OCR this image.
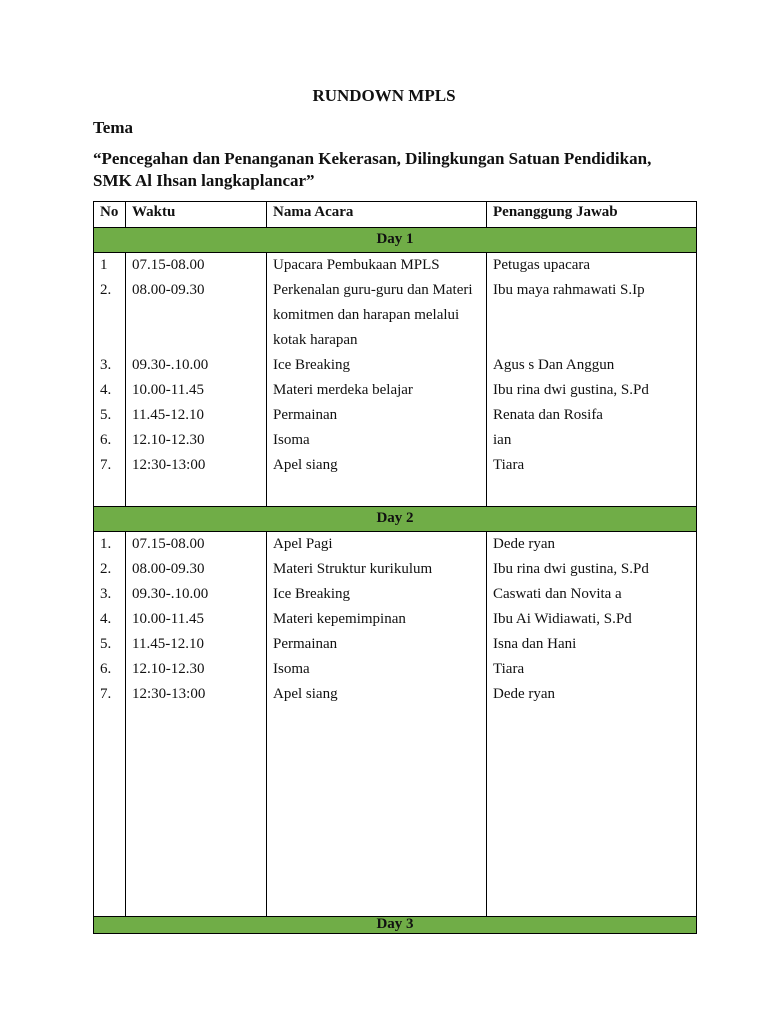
RUNDOWN MPLS
Tema
“Pencegahan dan Penanganan Kekerasan, Dilingkungan Satuan Pendidikan, SMK Al Ihsan langkaplancar”
No	Waktu	Nama Acara	Penanggung Jawab
Day 1			
1	07.15-08.00	Upacara Pembukaan MPLS	Petugas upacara
2.	08.00-09.30	Perkenalan guru-guru dan Materi komitmen dan harapan melalui kotak harapan	Ibu maya rahmawati S.Ip
3.	09.30-.10.00	Ice Breaking	Agus s Dan Anggun
4.	10.00-11.45	Materi merdeka belajar	Ibu rina dwi gustina, S.Pd
5.	11.45-12.10	Permainan	Renata dan Rosifa
6.	12.10-12.30	Isoma	ian
7.	12:30-13:00	Apel siang	Tiara

Day 2			
1.	07.15-08.00	Apel Pagi	Dede ryan
2.	08.00-09.30	Materi Struktur kurikulum	Ibu rina dwi gustina, S.Pd
3.	09.30-.10.00	Ice Breaking	Caswati dan Novita a
4.	10.00-11.45	Materi kepemimpinan	Ibu Ai Widiawati, S.Pd
5.	11.45-12.10	Permainan	Isna dan Hani
6.	12.10-12.30	Isoma	Tiara
7.	12:30-13:00	Apel siang	Dede ryan

Day 3			
